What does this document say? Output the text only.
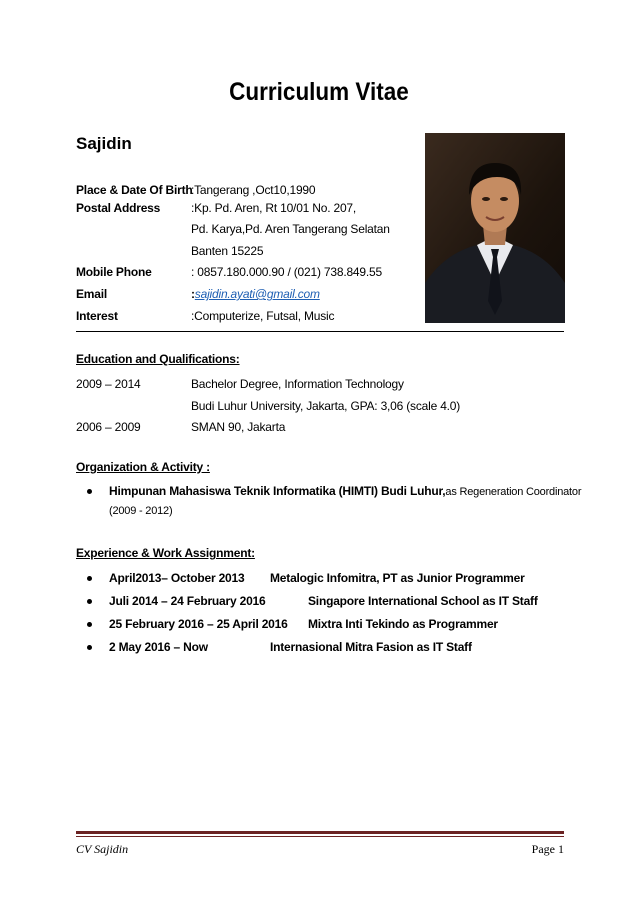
Curriculum Vitae
Sajidin
Place & Date Of Birth
:Tangerang ,Oct10,1990
Postal Address	:Kp. Pd. Aren, Rt 10/01 No. 207,
Pd. Karya,Pd. Aren Tangerang Selatan
Banten 15225
Mobile Phone	: 0857.180.000.90 / (021) 738.849.55
Email	:sajidin.ayati@gmail.com
Interest	:Computerize, Futsal, Music
Education and Qualifications:
2009 – 2014	Bachelor Degree, Information Technology
Budi Luhur University, Jakarta, GPA: 3,06 (scale 4.0)
2006 – 2009	SMAN 90, Jakarta
Organization & Activity :
Himpunan Mahasiswa Teknik Informatika (HIMTI) Budi Luhur,as Regeneration Coordinator
(2009 - 2012)
Experience & Work Assignment:
April2013– October 2013 Metalogic Infomitra, PT as Junior Programmer
Juli 2014 – 24 February 2016	Singapore International School as IT Staff
25 February 2016 – 25 April 2016 Mixtra Inti Tekindo as Programmer
2 May 2016 – Now	Internasional Mitra Fasion as IT Staff
CV Sajidin	Page 1
